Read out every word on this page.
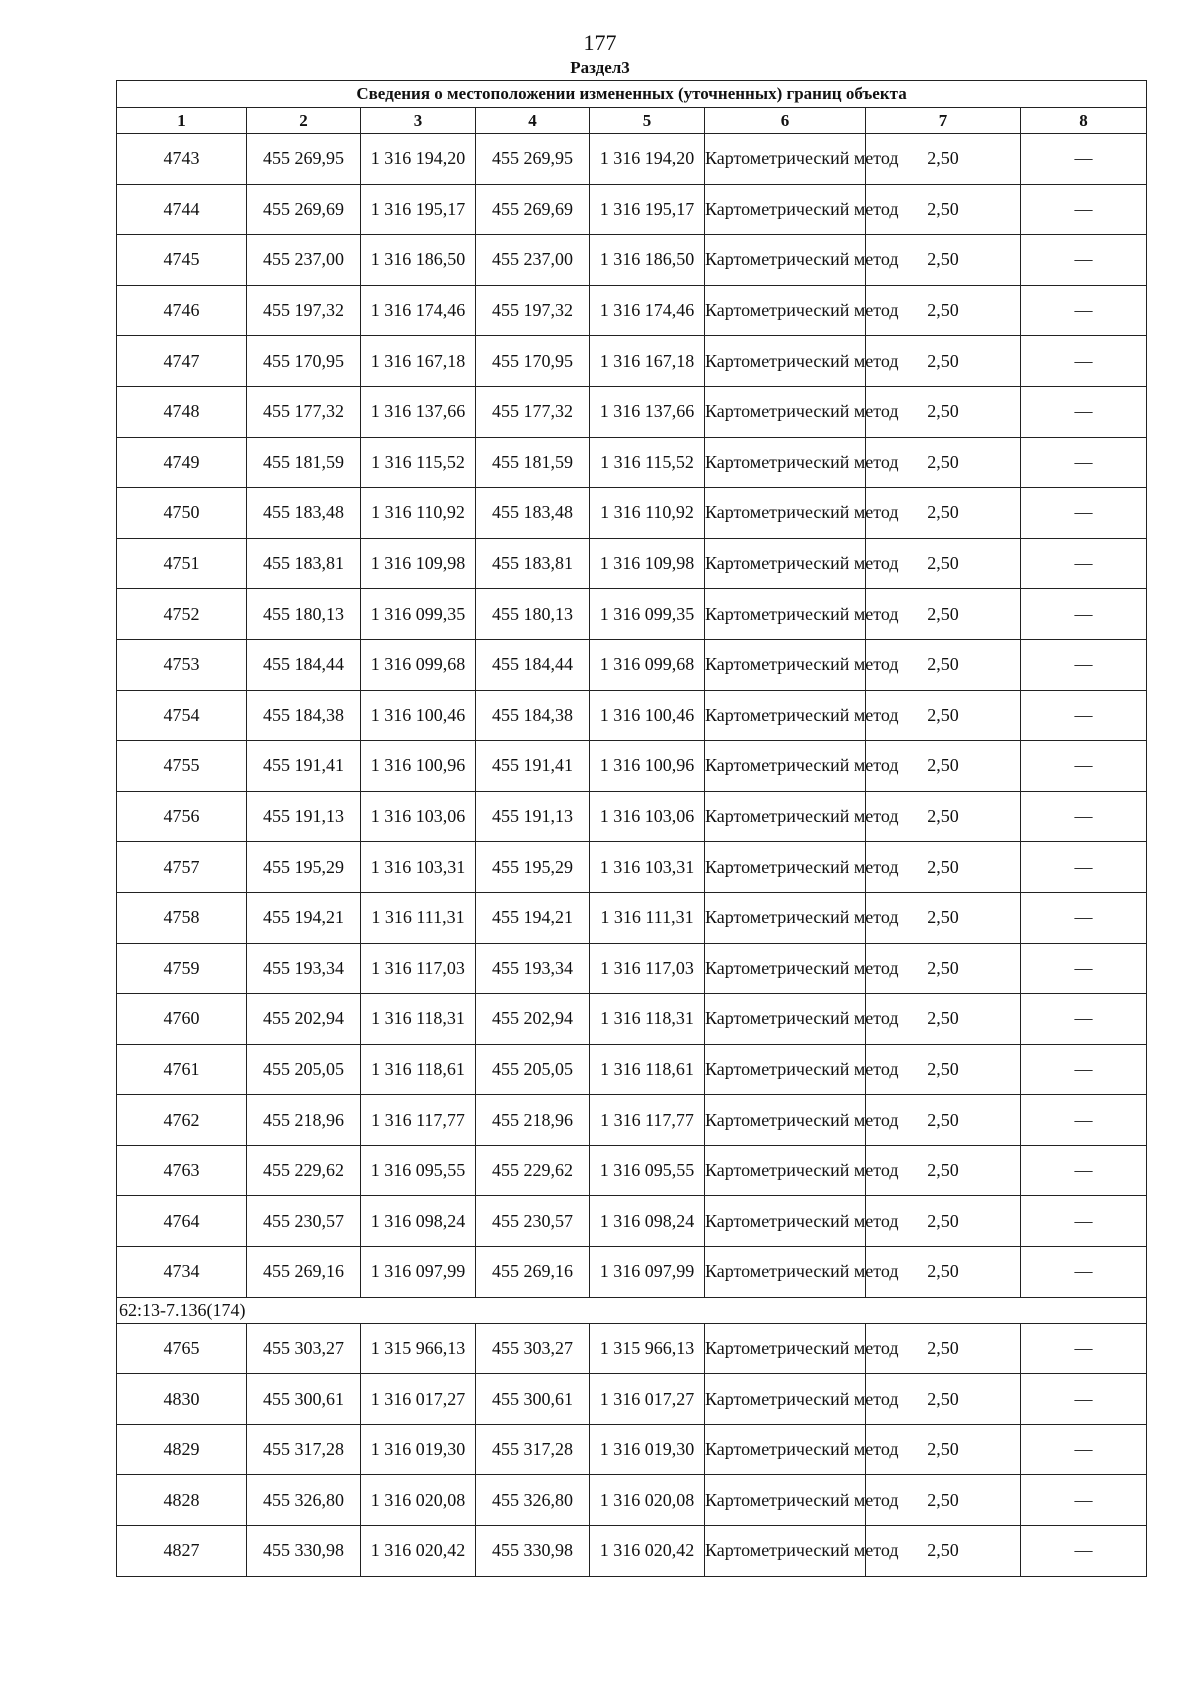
177
Раздел3
Сведения о местоположении измененных (уточненных) границ объекта							
1	2	3	4	5	6	7	8
4743	455 269,95	1 316 194,20	455 269,95	1 316 194,20	Картометрический метод	2,50	—
4744	455 269,69	1 316 195,17	455 269,69	1 316 195,17	Картометрический метод	2,50	—
4745	455 237,00	1 316 186,50	455 237,00	1 316 186,50	Картометрический метод	2,50	—
4746	455 197,32	1 316 174,46	455 197,32	1 316 174,46	Картометрический метод	2,50	—
4747	455 170,95	1 316 167,18	455 170,95	1 316 167,18	Картометрический метод	2,50	—
4748	455 177,32	1 316 137,66	455 177,32	1 316 137,66	Картометрический метод	2,50	—
4749	455 181,59	1 316 115,52	455 181,59	1 316 115,52	Картометрический метод	2,50	—
4750	455 183,48	1 316 110,92	455 183,48	1 316 110,92	Картометрический метод	2,50	—
4751	455 183,81	1 316 109,98	455 183,81	1 316 109,98	Картометрический метод	2,50	—
4752	455 180,13	1 316 099,35	455 180,13	1 316 099,35	Картометрический метод	2,50	—
4753	455 184,44	1 316 099,68	455 184,44	1 316 099,68	Картометрический метод	2,50	—
4754	455 184,38	1 316 100,46	455 184,38	1 316 100,46	Картометрический метод	2,50	—
4755	455 191,41	1 316 100,96	455 191,41	1 316 100,96	Картометрический метод	2,50	—
4756	455 191,13	1 316 103,06	455 191,13	1 316 103,06	Картометрический метод	2,50	—
4757	455 195,29	1 316 103,31	455 195,29	1 316 103,31	Картометрический метод	2,50	—
4758	455 194,21	1 316 111,31	455 194,21	1 316 111,31	Картометрический метод	2,50	—
4759	455 193,34	1 316 117,03	455 193,34	1 316 117,03	Картометрический метод	2,50	—
4760	455 202,94	1 316 118,31	455 202,94	1 316 118,31	Картометрический метод	2,50	—
4761	455 205,05	1 316 118,61	455 205,05	1 316 118,61	Картометрический метод	2,50	—
4762	455 218,96	1 316 117,77	455 218,96	1 316 117,77	Картометрический метод	2,50	—
4763	455 229,62	1 316 095,55	455 229,62	1 316 095,55	Картометрический метод	2,50	—
4764	455 230,57	1 316 098,24	455 230,57	1 316 098,24	Картометрический метод	2,50	—
4734	455 269,16	1 316 097,99	455 269,16	1 316 097,99	Картометрический метод	2,50	—
62:13-7.136(174)							
4765	455 303,27	1 315 966,13	455 303,27	1 315 966,13	Картометрический метод	2,50	—
4830	455 300,61	1 316 017,27	455 300,61	1 316 017,27	Картометрический метод	2,50	—
4829	455 317,28	1 316 019,30	455 317,28	1 316 019,30	Картометрический метод	2,50	—
4828	455 326,80	1 316 020,08	455 326,80	1 316 020,08	Картометрический метод	2,50	—
4827	455 330,98	1 316 020,42	455 330,98	1 316 020,42	Картометрический метод	2,50	—
